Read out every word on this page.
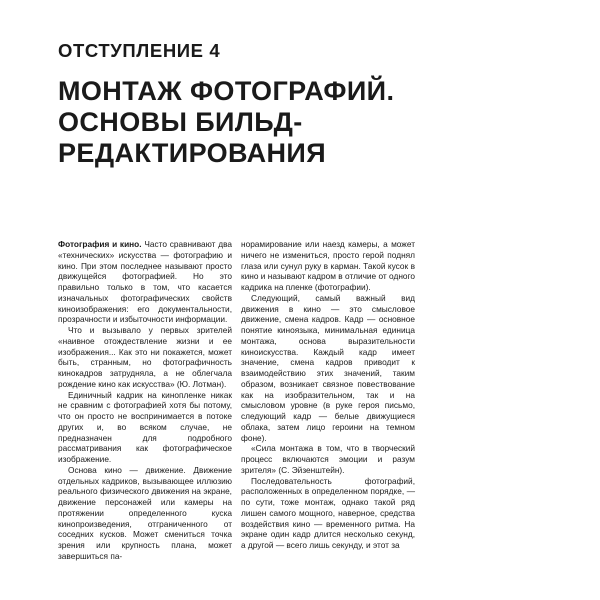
ОТСТУПЛЕНИЕ 4
МОНТАЖ ФОТОГРАФИЙ.
ОСНОВЫ БИЛЬД-
РЕДАКТИРОВАНИЯ

Фотография и кино. Часто сравнивают два «технических» искусства — фотографию и кино. При этом последнее называют просто движущейся фотографией. Но это правильно только в том, что касается изначальных фотографических свойств киноизображения: его документальности, прозрачности и избыточности информации.

Что и вызывало у первых зрителей «наивное отождествление жизни и ее изображения... Как это ни покажется, может быть, странным, но фотографичность кинокадров затрудняла, а не облегчала рождение кино как искусства» (Ю. Лотман).

Единичный кадрик на кинопленке никак не сравним с фотографией хотя бы потому, что он просто не воспринимается в потоке других и, во всяком случае, не предназначен для подробного рассматривания как фотографическое изображение.

Основа кино — движение. Движение отдельных кадриков, вызывающее иллюзию реального физического движения на экране, движение персонажей или камеры на протяжении определенного куска кинопроизведения, отграниченного от соседних кусков. Может смениться точка зрения или крупность плана, может завершиться па-

норамирование или наезд камеры, а может ничего не измениться, просто герой поднял глаза или сунул руку в карман. Такой кусок в кино и называют кадром в отличие от одного кадрика на пленке (фотографии).

Следующий, самый важный вид движения в кино — это смысловое движение, смена кадров. Кадр — основное понятие киноязыка, минимальная единица монтажа, основа выразительности киноискусства. Каждый кадр имеет значение, смена кадров приводит к взаимодействию этих значений, таким образом, возникает связное повествование как на изобразительном, так и на смысловом уровне (в руке героя письмо, следующий кадр — белые движущиеся облака, затем лицо героини на темном фоне).

«Сила монтажа в том, что в творческий процесс включаются эмоции и разум зрителя» (С. Эйзенштейн).

Последовательность фотографий, расположенных в определенном порядке, — по сути, тоже монтаж, однако такой ряд лишен самого мощного, наверное, средства воздействия кино — временного ритма. На экране один кадр длится несколько секунд, а другой — всего лишь секунду, и этот за
